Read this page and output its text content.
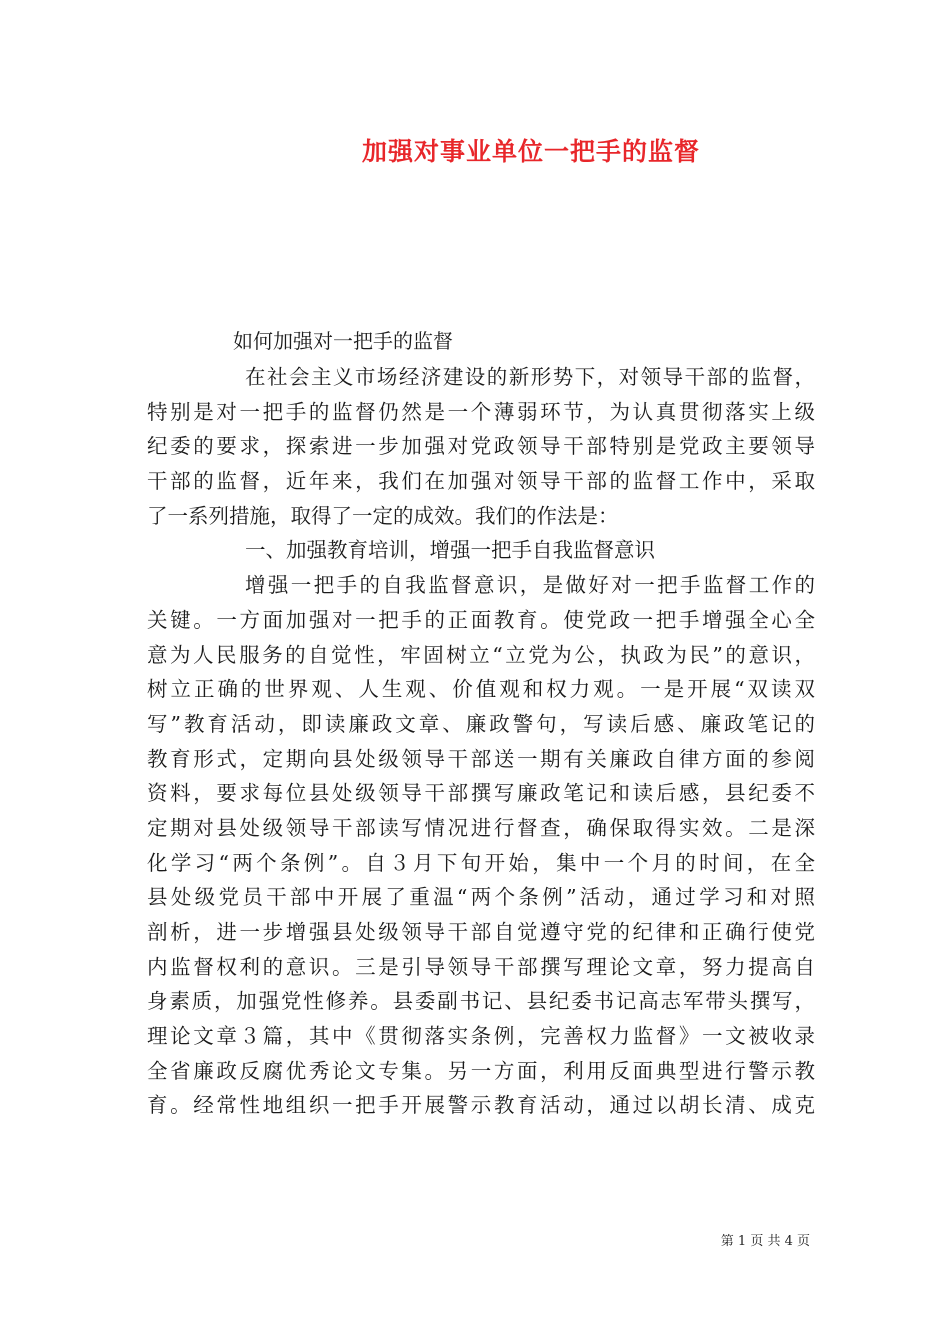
加强对事业单位一把手的监督
如何加强对一把手的监督
在社会主义市场经济建设的新形势下，对领导干部的监督，
特别是对一把手的监督仍然是一个薄弱环节，为认真贯彻落实上级
纪委的要求，探索进一步加强对党政领导干部特别是党政主要领导
干部的监督，近年来，我们在加强对领导干部的监督工作中，采取
了一系列措施，取得了一定的成效。我们的作法是：
一、加强教育培训，增强一把手自我监督意识
增强一把手的自我监督意识，是做好对一把手监督工作的
关键。一方面加强对一把手的正面教育。使党政一把手增强全心全
意为人民服务的自觉性，牢固树立“立党为公，执政为民”的意识，
树立正确的世界观、人生观、价值观和权力观。一是开展“双读双
写”教育活动，即读廉政文章、廉政警句，写读后感、廉政笔记的
教育形式，定期向县处级领导干部送一期有关廉政自律方面的参阅
资料，要求每位县处级领导干部撰写廉政笔记和读后感，县纪委不
定期对县处级领导干部读写情况进行督查，确保取得实效。二是深
化学习“两个条例”。自３月下旬开始，集中一个月的时间，在全
县处级党员干部中开展了重温“两个条例”活动，通过学习和对照
剖析，进一步增强县处级领导干部自觉遵守党的纪律和正确行使党
内监督权利的意识。三是引导领导干部撰写理论文章，努力提高自
身素质，加强党性修养。县委副书记、县纪委书记高志军带头撰写，
理论文章３篇，其中《贯彻落实条例，完善权力监督》一文被收录
全省廉政反腐优秀论文专集。另一方面，利用反面典型进行警示教
育。经常性地组织一把手开展警示教育活动，通过以胡长清、成克
第 1 页 共 4 页
